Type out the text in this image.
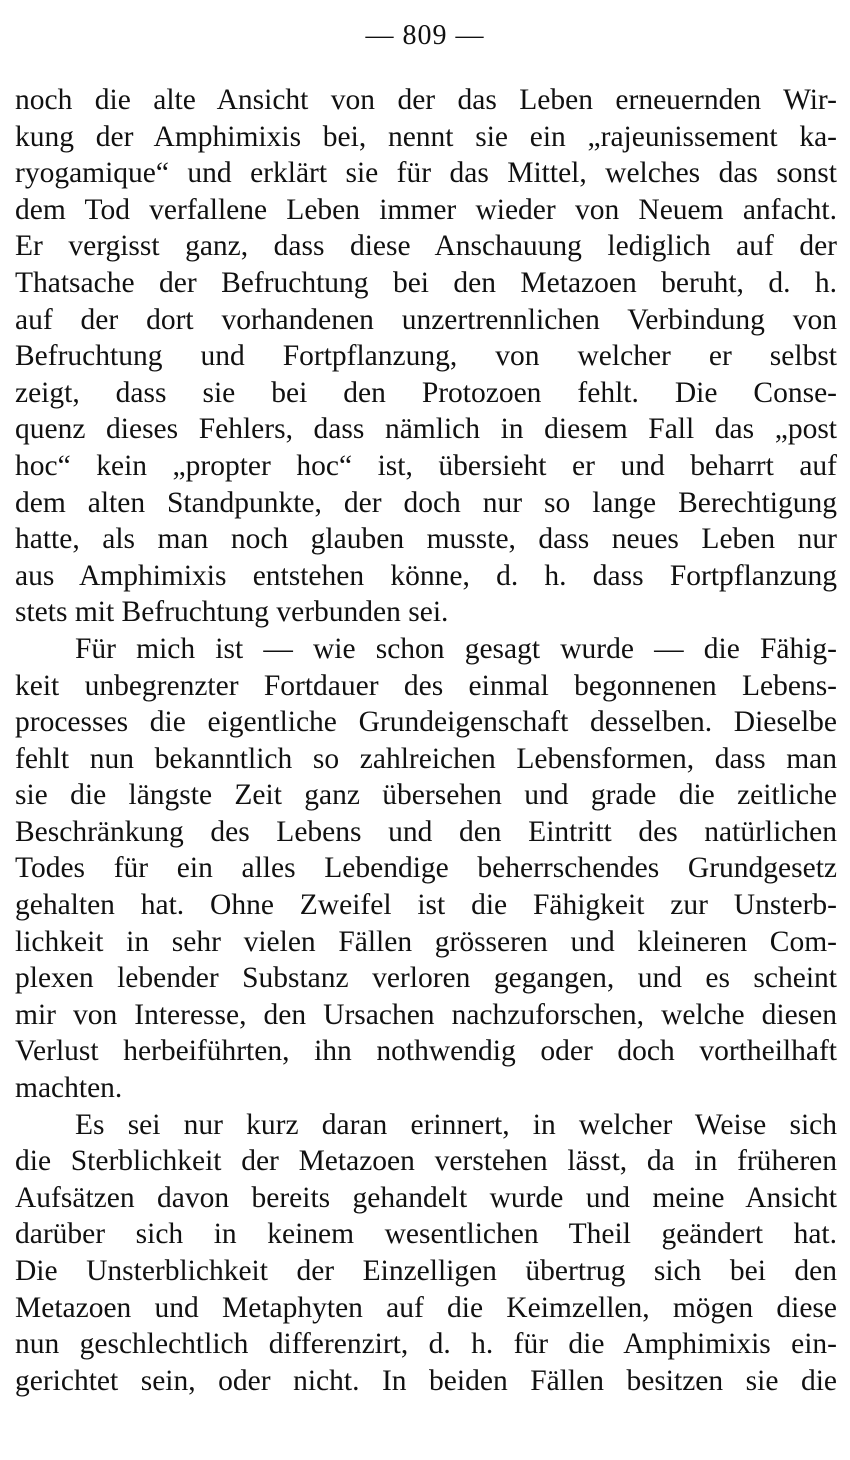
— 809 —
noch die alte Ansicht von der das Leben erneuernden Wir-
kung der Amphimixis bei, nennt sie ein „rajeunissement ka-
ryogamique“ und erklärt sie für das Mittel, welches das sonst
dem Tod verfallene Leben immer wieder von Neuem anfacht.
Er vergisst ganz, dass diese Anschauung lediglich auf der
Thatsache der Befruchtung bei den Metazoen beruht, d. h.
auf der dort vorhandenen unzertrennlichen Verbindung von
Befruchtung und Fortpflanzung, von welcher er selbst
zeigt, dass sie bei den Protozoen fehlt. Die Conse-
quenz dieses Fehlers, dass nämlich in diesem Fall das „post
hoc“ kein „propter hoc“ ist, übersieht er und beharrt auf
dem alten Standpunkte, der doch nur so lange Berechtigung
hatte, als man noch glauben musste, dass neues Leben nur
aus Amphimixis entstehen könne, d. h. dass Fortpflanzung
stets mit Befruchtung verbunden sei.
Für mich ist — wie schon gesagt wurde — die Fähig-
keit unbegrenzter Fortdauer des einmal begonnenen Lebens-
processes die eigentliche Grundeigenschaft desselben. Dieselbe
fehlt nun bekanntlich so zahlreichen Lebensformen, dass man
sie die längste Zeit ganz übersehen und grade die zeitliche
Beschränkung des Lebens und den Eintritt des natürlichen
Todes für ein alles Lebendige beherrschendes Grundgesetz
gehalten hat. Ohne Zweifel ist die Fähigkeit zur Unsterb-
lichkeit in sehr vielen Fällen grösseren und kleineren Com-
plexen lebender Substanz verloren gegangen, und es scheint
mir von Interesse, den Ursachen nachzuforschen, welche diesen
Verlust herbeiführten, ihn nothwendig oder doch vortheilhaft
machten.
Es sei nur kurz daran erinnert, in welcher Weise sich
die Sterblichkeit der Metazoen verstehen lässt, da in früheren
Aufsätzen davon bereits gehandelt wurde und meine Ansicht
darüber sich in keinem wesentlichen Theil geändert hat.
Die Unsterblichkeit der Einzelligen übertrug sich bei den
Metazoen und Metaphyten auf die Keimzellen, mögen diese
nun geschlechtlich differenzirt, d. h. für die Amphimixis ein-
gerichtet sein, oder nicht. In beiden Fällen besitzen sie die
